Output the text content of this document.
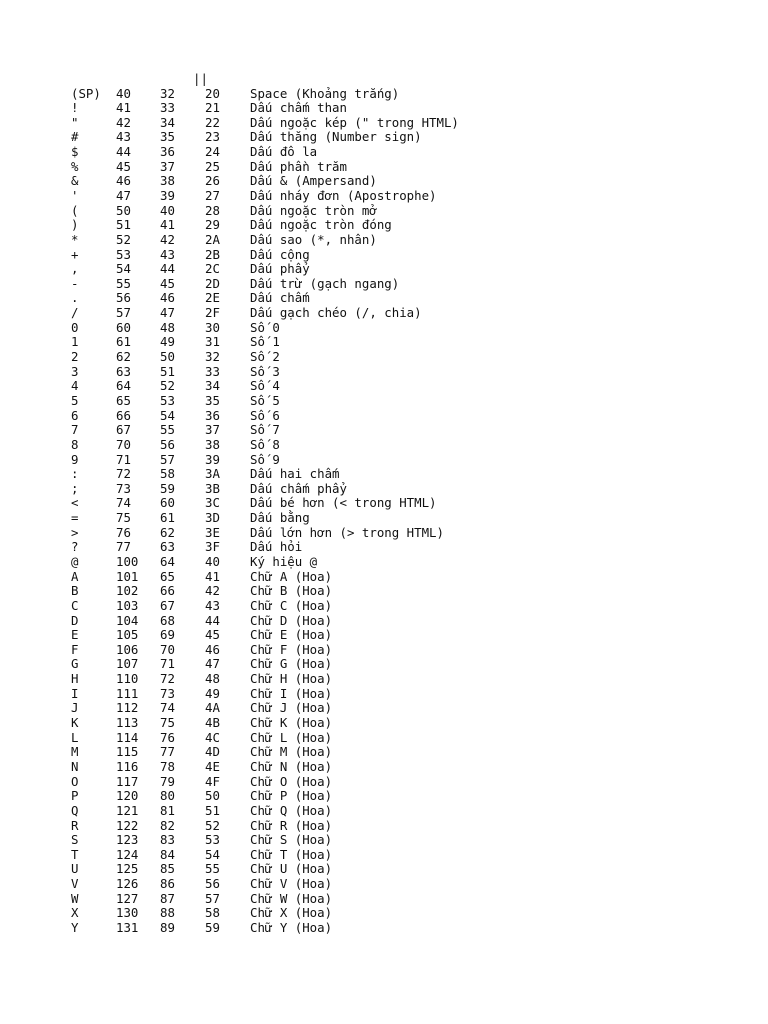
||
(SP) 40 32 20 Space (Khoảng trắng)
!	41 33 21 Dấu chấm than
"	42 34 22 Dấu ngoặc kép (" trong HTML)
#	43 35 23 Dấu thăng (Number sign)
$	44 36 24 Dấu đô la
%	45 37 25 Dấu phần trăm
&	46 38 26 Dấu & (Ampersand)
'	47 39 27 Dấu nháy đơn (Apostrophe)
(	50 40 28 Dấu ngoặc tròn mở
)	51 41 29 Dấu ngoặc tròn đóng
*	52 42 2A Dấu sao (*, nhân)
+	53 43 2B Dấu cộng
,	54 44 2C Dấu phẩy
-	55 45 2D Dấu trừ (gạch ngang)
.	56 46 2E Dấu chấm
/	57 47 2F Dấu gạch chéo (/, chia)
0	60 48 30 Số 0
1	61 49 31 Số 1
2	62 50 32 Số 2
3	63 51 33 Số 3
4	64 52 34 Số 4
5	65 53 35 Số 5
6	66 54 36 Số 6
7	67 55 37 Số 7
8	70 56 38 Số 8
9	71 57 39 Số 9
:	72 58 3A Dấu hai chấm
;	73 59 3B Dấu chấm phẩy
<	74 60 3C Dấu bé hơn (< trong HTML)
=	75 61 3D Dấu bằng
>	76 62 3E Dấu lớn hơn (> trong HTML)
?	77 63 3F Dấu hỏi
@	100 64 40 Ký hiệu @
A	101 65 41 Chữ A (Hoa)
B	102 66 42 Chữ B (Hoa)
C	103 67 43 Chữ C (Hoa)
D	104 68 44 Chữ D (Hoa)
E	105 69 45 Chữ E (Hoa)
F	106 70 46 Chữ F (Hoa)
G	107 71 47 Chữ G (Hoa)
H	110 72 48 Chữ H (Hoa)
I	111 73 49 Chữ I (Hoa)
J	112 74 4A Chữ J (Hoa)
K	113 75 4B Chữ K (Hoa)
L	114 76 4C Chữ L (Hoa)
M	115 77 4D Chữ M (Hoa)
N	116 78 4E Chữ N (Hoa)
O	117 79 4F Chữ O (Hoa)
P	120 80 50 Chữ P (Hoa)
Q	121 81 51 Chữ Q (Hoa)
R	122 82 52 Chữ R (Hoa)
S	123 83 53 Chữ S (Hoa)
T	124 84 54 Chữ T (Hoa)
U	125 85 55 Chữ U (Hoa)
V	126 86 56 Chữ V (Hoa)
W	127 87 57 Chữ W (Hoa)
X	130 88 58 Chữ X (Hoa)
Y	131 89 59 Chữ Y (Hoa)
